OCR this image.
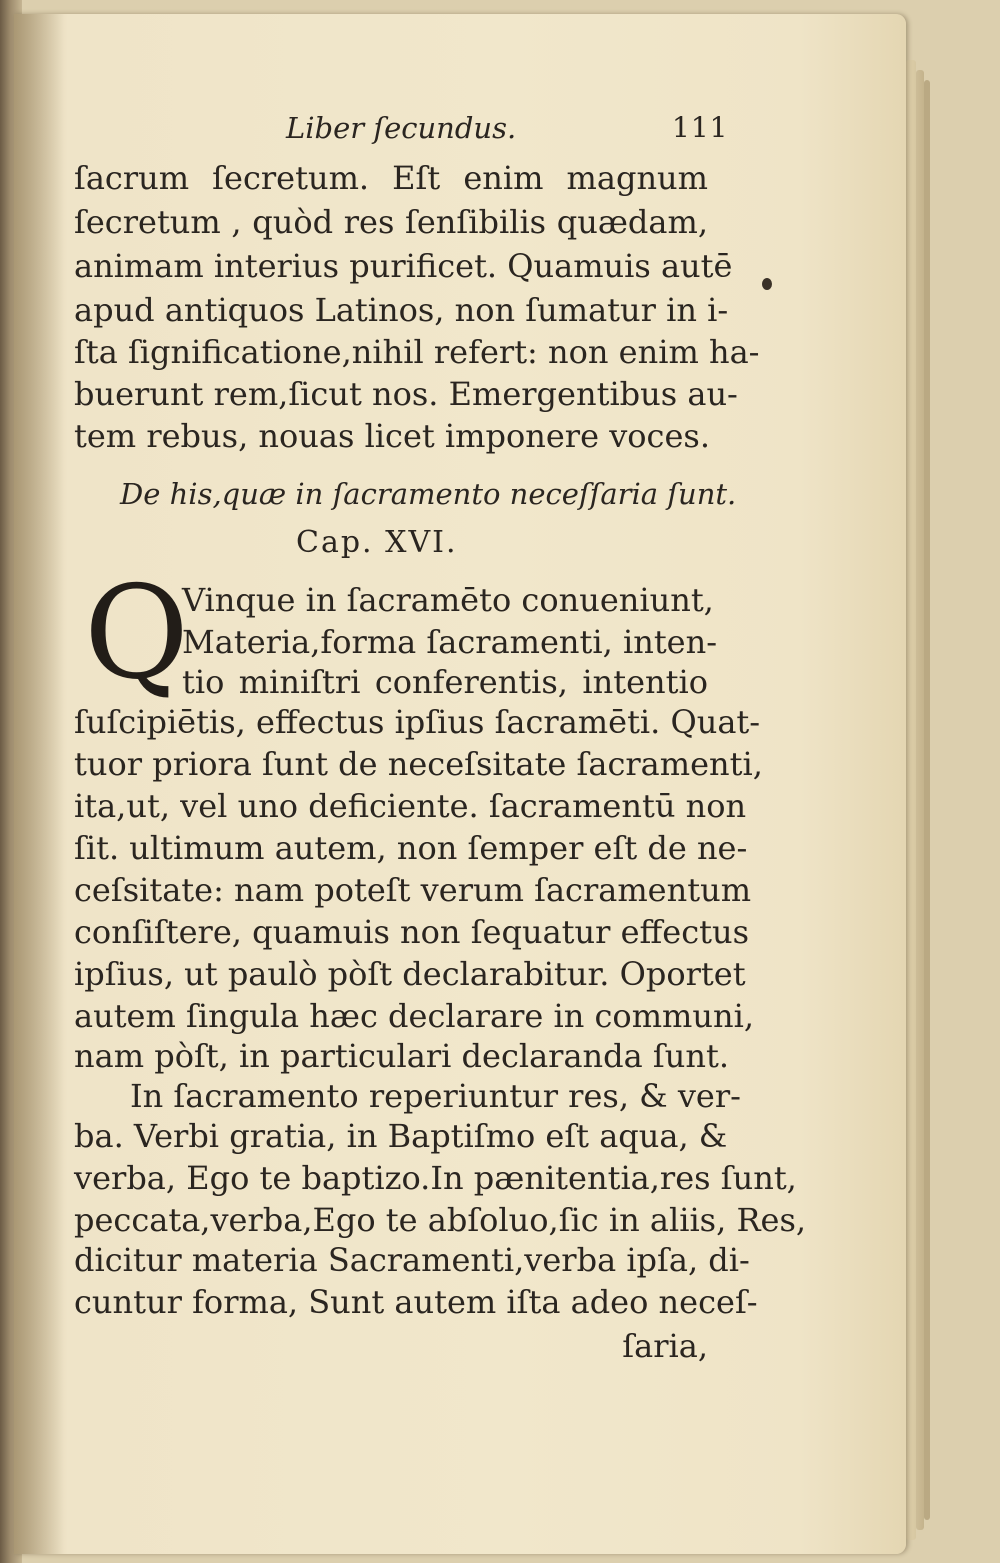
Liber ſecundus.	111
ſacrum ſecretum. Eſt enim magnum
ſecretum , quòd res ſenſibilis quædam,
animam interius purificet. Quamuis autē
apud antiquos Latinos, non ſumatur in i-
ſta ſignificatione,nihil refert: non enim ha-
buerunt rem,ſicut nos. Emergentibus au-
tem rebus, nouas licet imponere voces.
De his,quæ in ſacramento neceſſaria ſunt.
Cap. XVI.
Q
Vinque in ſacramēto conueniunt,
Materia,forma ſacramenti, inten-
tio miniſtri conferentis, intentio
ſuſcipiētis, effectus ipſius ſacramēti. Quat-
tuor priora ſunt de neceſsitate ſacramenti,
ita,ut, vel uno deficiente. ſacramentū non
ſit. ultimum autem, non ſemper eſt de ne-
ceſsitate: nam poteſt verum ſacramentum
conſiſtere, quamuis non ſequatur effectus
ipſius, ut paulò pòſt declarabitur. Oportet
autem ſingula hæc declarare in communi,
nam pòſt, in particulari declaranda ſunt.
In ſacramento reperiuntur res, & ver-
ba. Verbi gratia, in Baptiſmo eſt aqua, &
verba, Ego te baptizo.In pænitentia,res ſunt,
peccata,verba,Ego te abſoluo,ſic in aliis, Res,
dicitur materia Sacramenti,verba ipſa, di-
cuntur forma, Sunt autem iſta adeo neceſ-
ſaria,
